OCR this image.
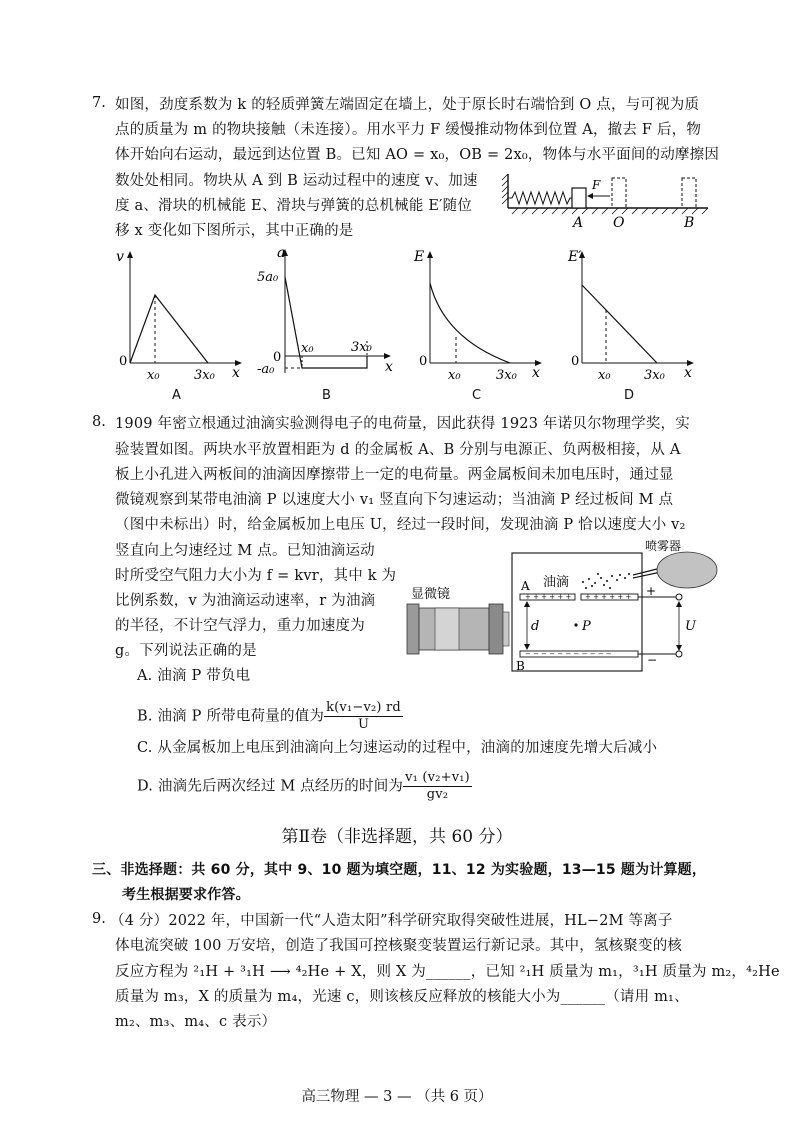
7. 如图，劲度系数为 k 的轻质弹簧左端固定在墙上，处于原长时右端恰到 O 点，与可视为质
点的质量为 m 的物块接触（未连接）。用水平力 F 缓慢推动物体到位置 A，撤去 F 后，物
体开始向右运动，最远到达位置 B。已知 AO = x₀，OB = 2x₀，物体与水平面间的动摩擦因
数处处相同。物块从 A 到 B 运动过程中的速度 v、加速
度 a、滑块的机械能 E、滑块与弹簧的总机械能 E′随位
移 x 变化如下图所示，其中正确的是
F
A O	B
v
0
x₀	3x₀ x
A
a
5a₀
0
-a₀
x₀	3x₀
x
B
E
0
x₀	3x₀ x
C
E′
0
x₀	3x₀ x
D
8. 1909 年密立根通过油滴实验测得电子的电荷量，因此获得 1923 年诺贝尔物理学奖，实
验装置如图。两块水平放置相距为 d 的金属板 A、B 分别与电源正、负两极相接，从 A
板上小孔进入两板间的油滴因摩擦带上一定的电荷量。两金属板间未加电压时，通过显
微镜观察到某带电油滴 P 以速度大小 v₁ 竖直向下匀速运动；当油滴 P 经过板间 M 点
（图中未标出）时，给金属板加上电压 U，经过一段时间，发现油滴 P 恰以速度大小 v₂
竖直向上匀速经过 M 点。已知油滴运动
时所受空气阻力大小为 f = kvr，其中 k 为
比例系数，v 为油滴运动速率，r 为油滴
的半径，不计空气浮力，重力加速度为
g。下列说法正确的是
A. 油滴 P 带负电
B. 油滴 P 所带电荷量的值为 $\frac{\text{k(v₁−v₂) rd}}{U}$
C. 从金属板加上电压到油滴向上匀速运动的过程中，油滴的加速度先增大后减小
D. 油滴先后两次经过 M 点经历的时间为 $\frac{\text{v₁ (v₂+v₁)}}{\text{gv₂}}$
+ + + + + + + + + + + +
− − − − − − − − − − −
显微镜
喷雾器
油滴
A
B
d	P	U
+
−
第Ⅱ卷（非选择题，共 60 分）
三、非选择题：共 60 分，其中 9、10 题为填空题，11、12 为实验题，13—15 题为计算题，
考生根据要求作答。
9. （4 分）2022 年，中国新一代“人造太阳”科学研究取得突破性进展，HL−2M 等离子
体电流突破 100 万安培，创造了我国可控核聚变装置运行新记录。其中，氢核聚变的核
反应方程为 ²₁H + ³₁H ⟶ ⁴₂He + X，则 X 为______，已知 ²₁H 质量为 m₁，³₁H 质量为 m₂，⁴₂He
质量为 m₃，X 的质量为 m₄，光速 c，则该核反应释放的核能大小为______（请用 m₁、
m₂、m₃、m₄、c 表示）
高三物理 — 3 — （共 6 页）
